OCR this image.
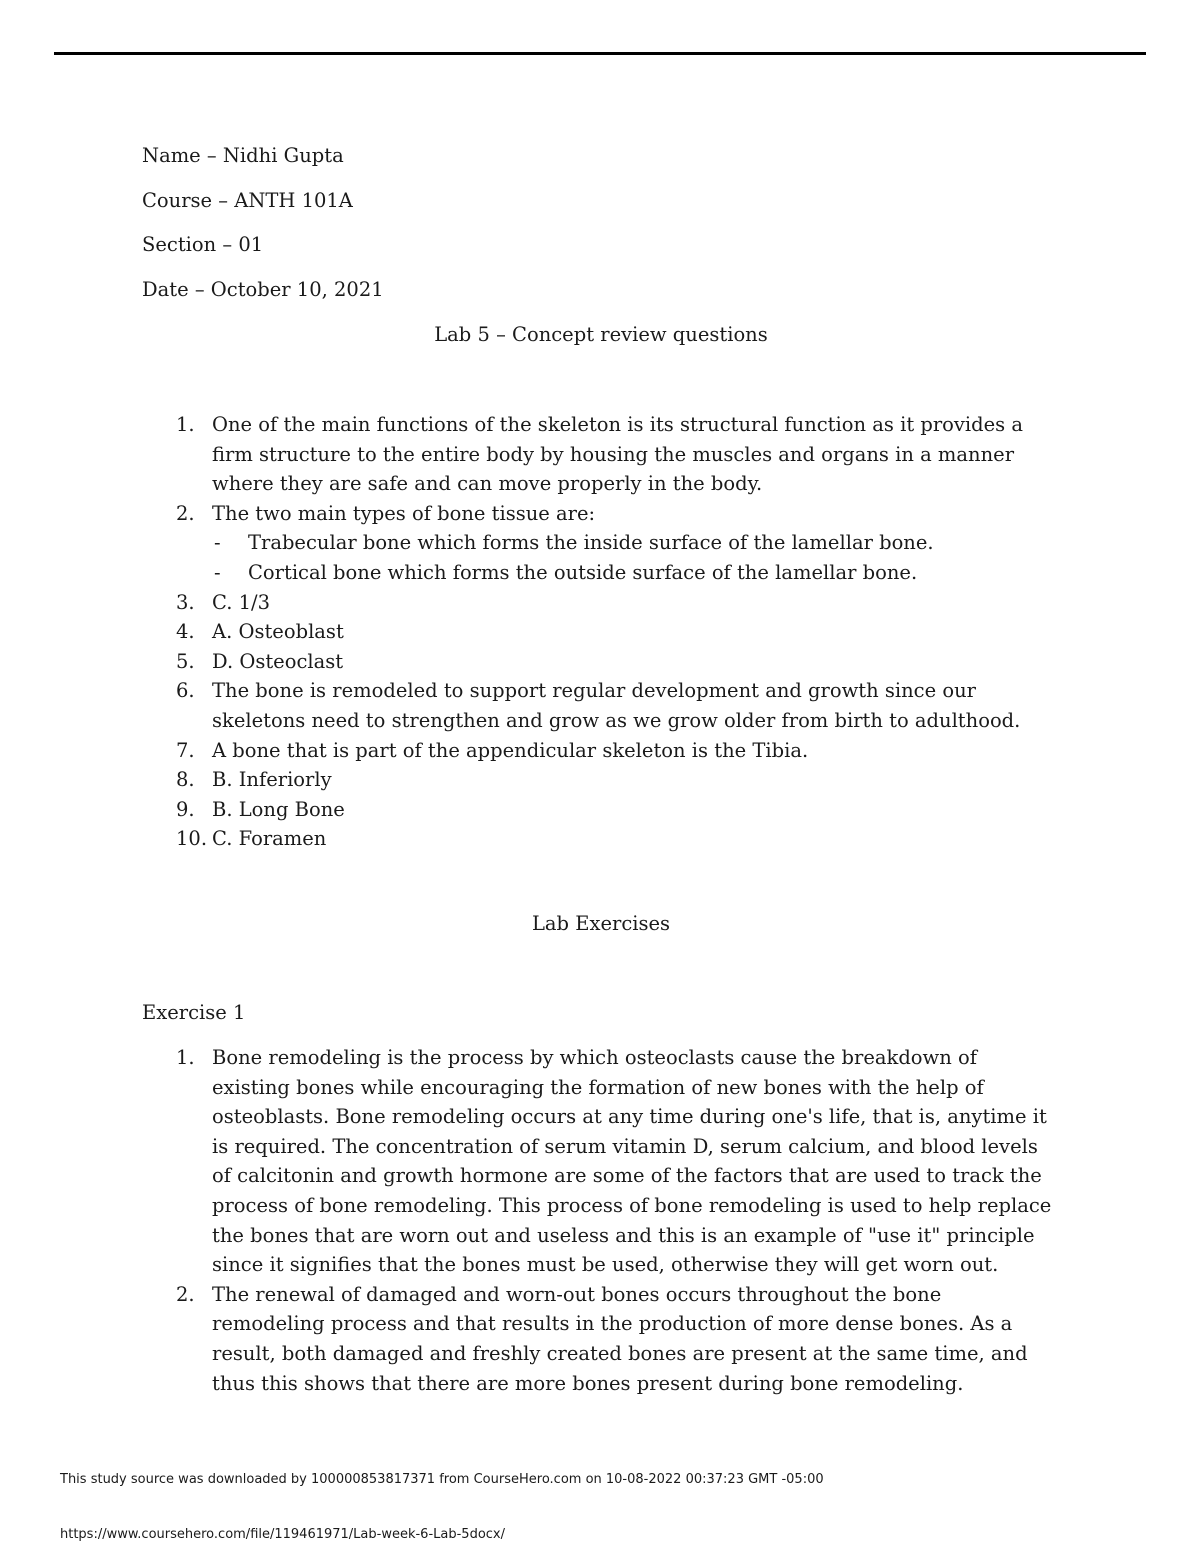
Name – Nidhi Gupta
Course – ANTH 101A
Section – 01
Date – October 10, 2021
Lab 5 – Concept review questions
1. One of the main functions of the skeleton is its structural function as it provides a firm structure to the entire body by housing the muscles and organs in a manner where they are safe and can move properly in the body.
2. The two main types of bone tissue are:
- Trabecular bone which forms the inside surface of the lamellar bone.
- Cortical bone which forms the outside surface of the lamellar bone.
3. C. 1/3
4. A. Osteoblast
5. D. Osteoclast
6. The bone is remodeled to support regular development and growth since our skeletons need to strengthen and grow as we grow older from birth to adulthood.
7. A bone that is part of the appendicular skeleton is the Tibia.
8. B. Inferiorly
9. B. Long Bone
10. C. Foramen
Lab Exercises
Exercise 1
1. Bone remodeling is the process by which osteoclasts cause the breakdown of existing bones while encouraging the formation of new bones with the help of osteoblasts. Bone remodeling occurs at any time during one's life, that is, anytime it is required. The concentration of serum vitamin D, serum calcium, and blood levels of calcitonin and growth hormone are some of the factors that are used to track the process of bone remodeling. This process of bone remodeling is used to help replace the bones that are worn out and useless and this is an example of "use it" principle since it signifies that the bones must be used, otherwise they will get worn out.
2. The renewal of damaged and worn-out bones occurs throughout the bone remodeling process and that results in the production of more dense bones. As a result, both damaged and freshly created bones are present at the same time, and thus this shows that there are more bones present during bone remodeling.
This study source was downloaded by 100000853817371 from CourseHero.com on 10-08-2022 00:37:23 GMT -05:00
https://www.coursehero.com/file/119461971/Lab-week-6-Lab-5docx/
